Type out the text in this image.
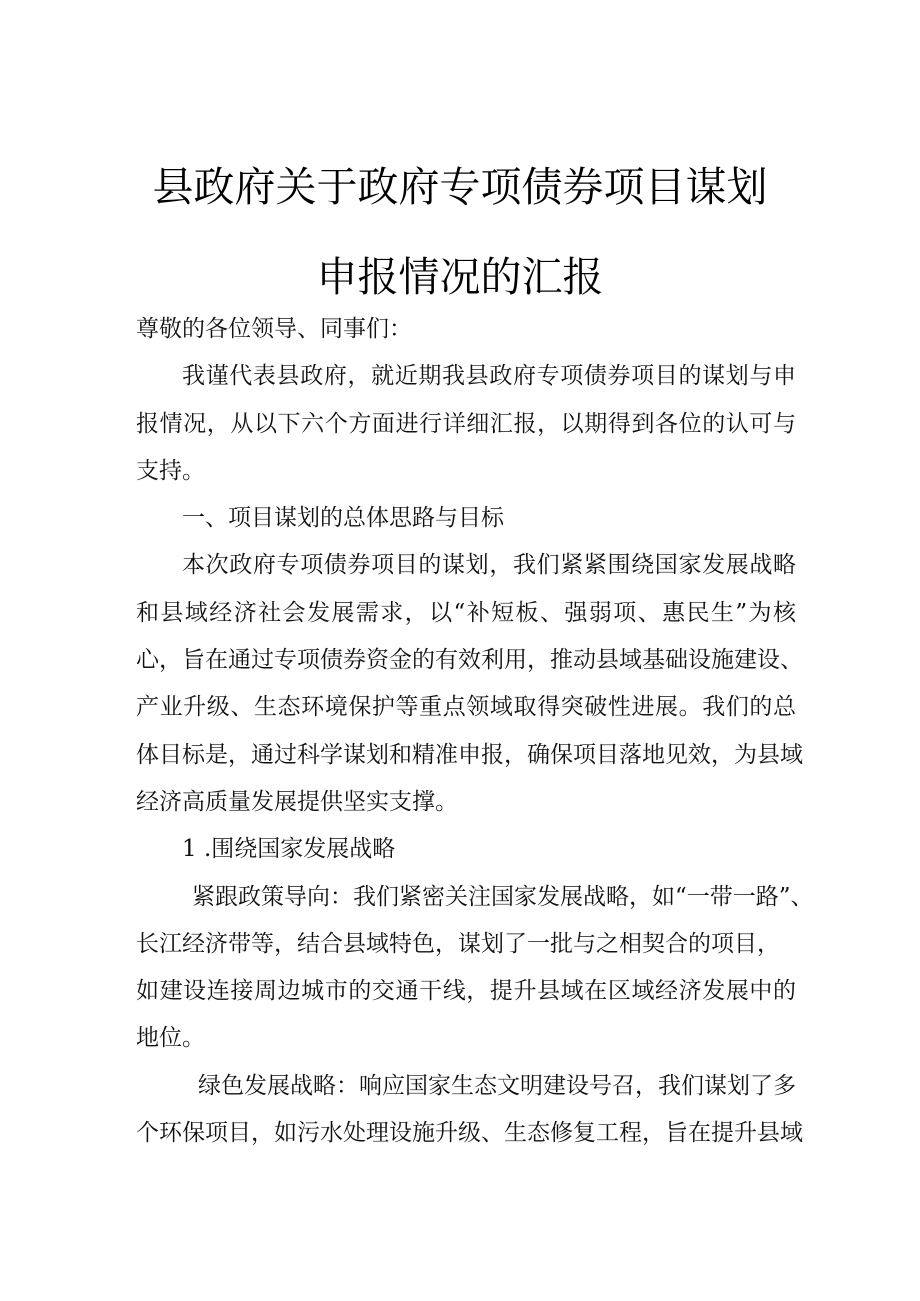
县政府关于政府专项债券项目谋划
申报情况的汇报
尊敬的各位领导、同事们：
我谨代表县政府，就近期我县政府专项债券项目的谋划与申
报情况，从以下六个方面进行详细汇报，以期得到各位的认可与
支持。
一、项目谋划的总体思路与目标
本次政府专项债券项目的谋划，我们紧紧围绕国家发展战略
和县域经济社会发展需求，以“补短板、强弱项、惠民生”为核
心，旨在通过专项债券资金的有效利用，推动县域基础设施建设、
产业升级、生态环境保护等重点领域取得突破性进展。我们的总
体目标是，通过科学谋划和精准申报，确保项目落地见效，为县域
经济高质量发展提供坚实支撑。
1 .围绕国家发展战略
紧跟政策导向：我们紧密关注国家发展战略，如“一带一路”、
长江经济带等，结合县域特色，谋划了一批与之相契合的项目，
如建设连接周边城市的交通干线，提升县域在区域经济发展中的
地位。
绿色发展战略：响应国家生态文明建设号召，我们谋划了多
个环保项目，如污水处理设施升级、生态修复工程，旨在提升县域
